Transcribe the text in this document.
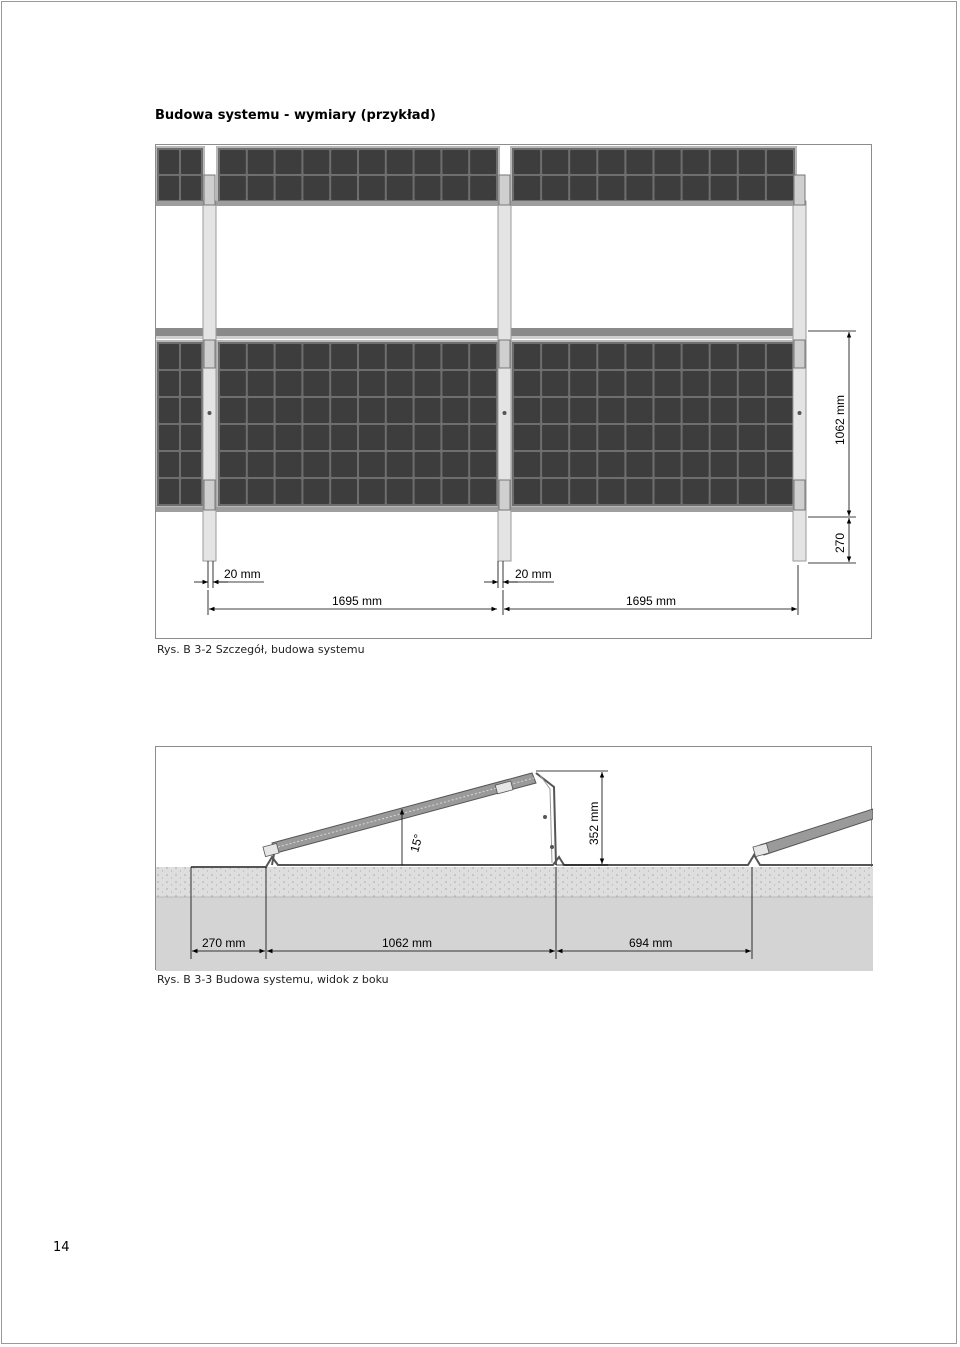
Budowa systemu - wymiary (przykład)
20 mm	20 mm
1695 mm	1695 mm
1062 mm
270
Rys. B 3-2 Szczegół, budowa systemu
15°	352 mm
270 mm	1062 mm	694 mm
Rys. B 3-3 Budowa systemu, widok z boku
14
